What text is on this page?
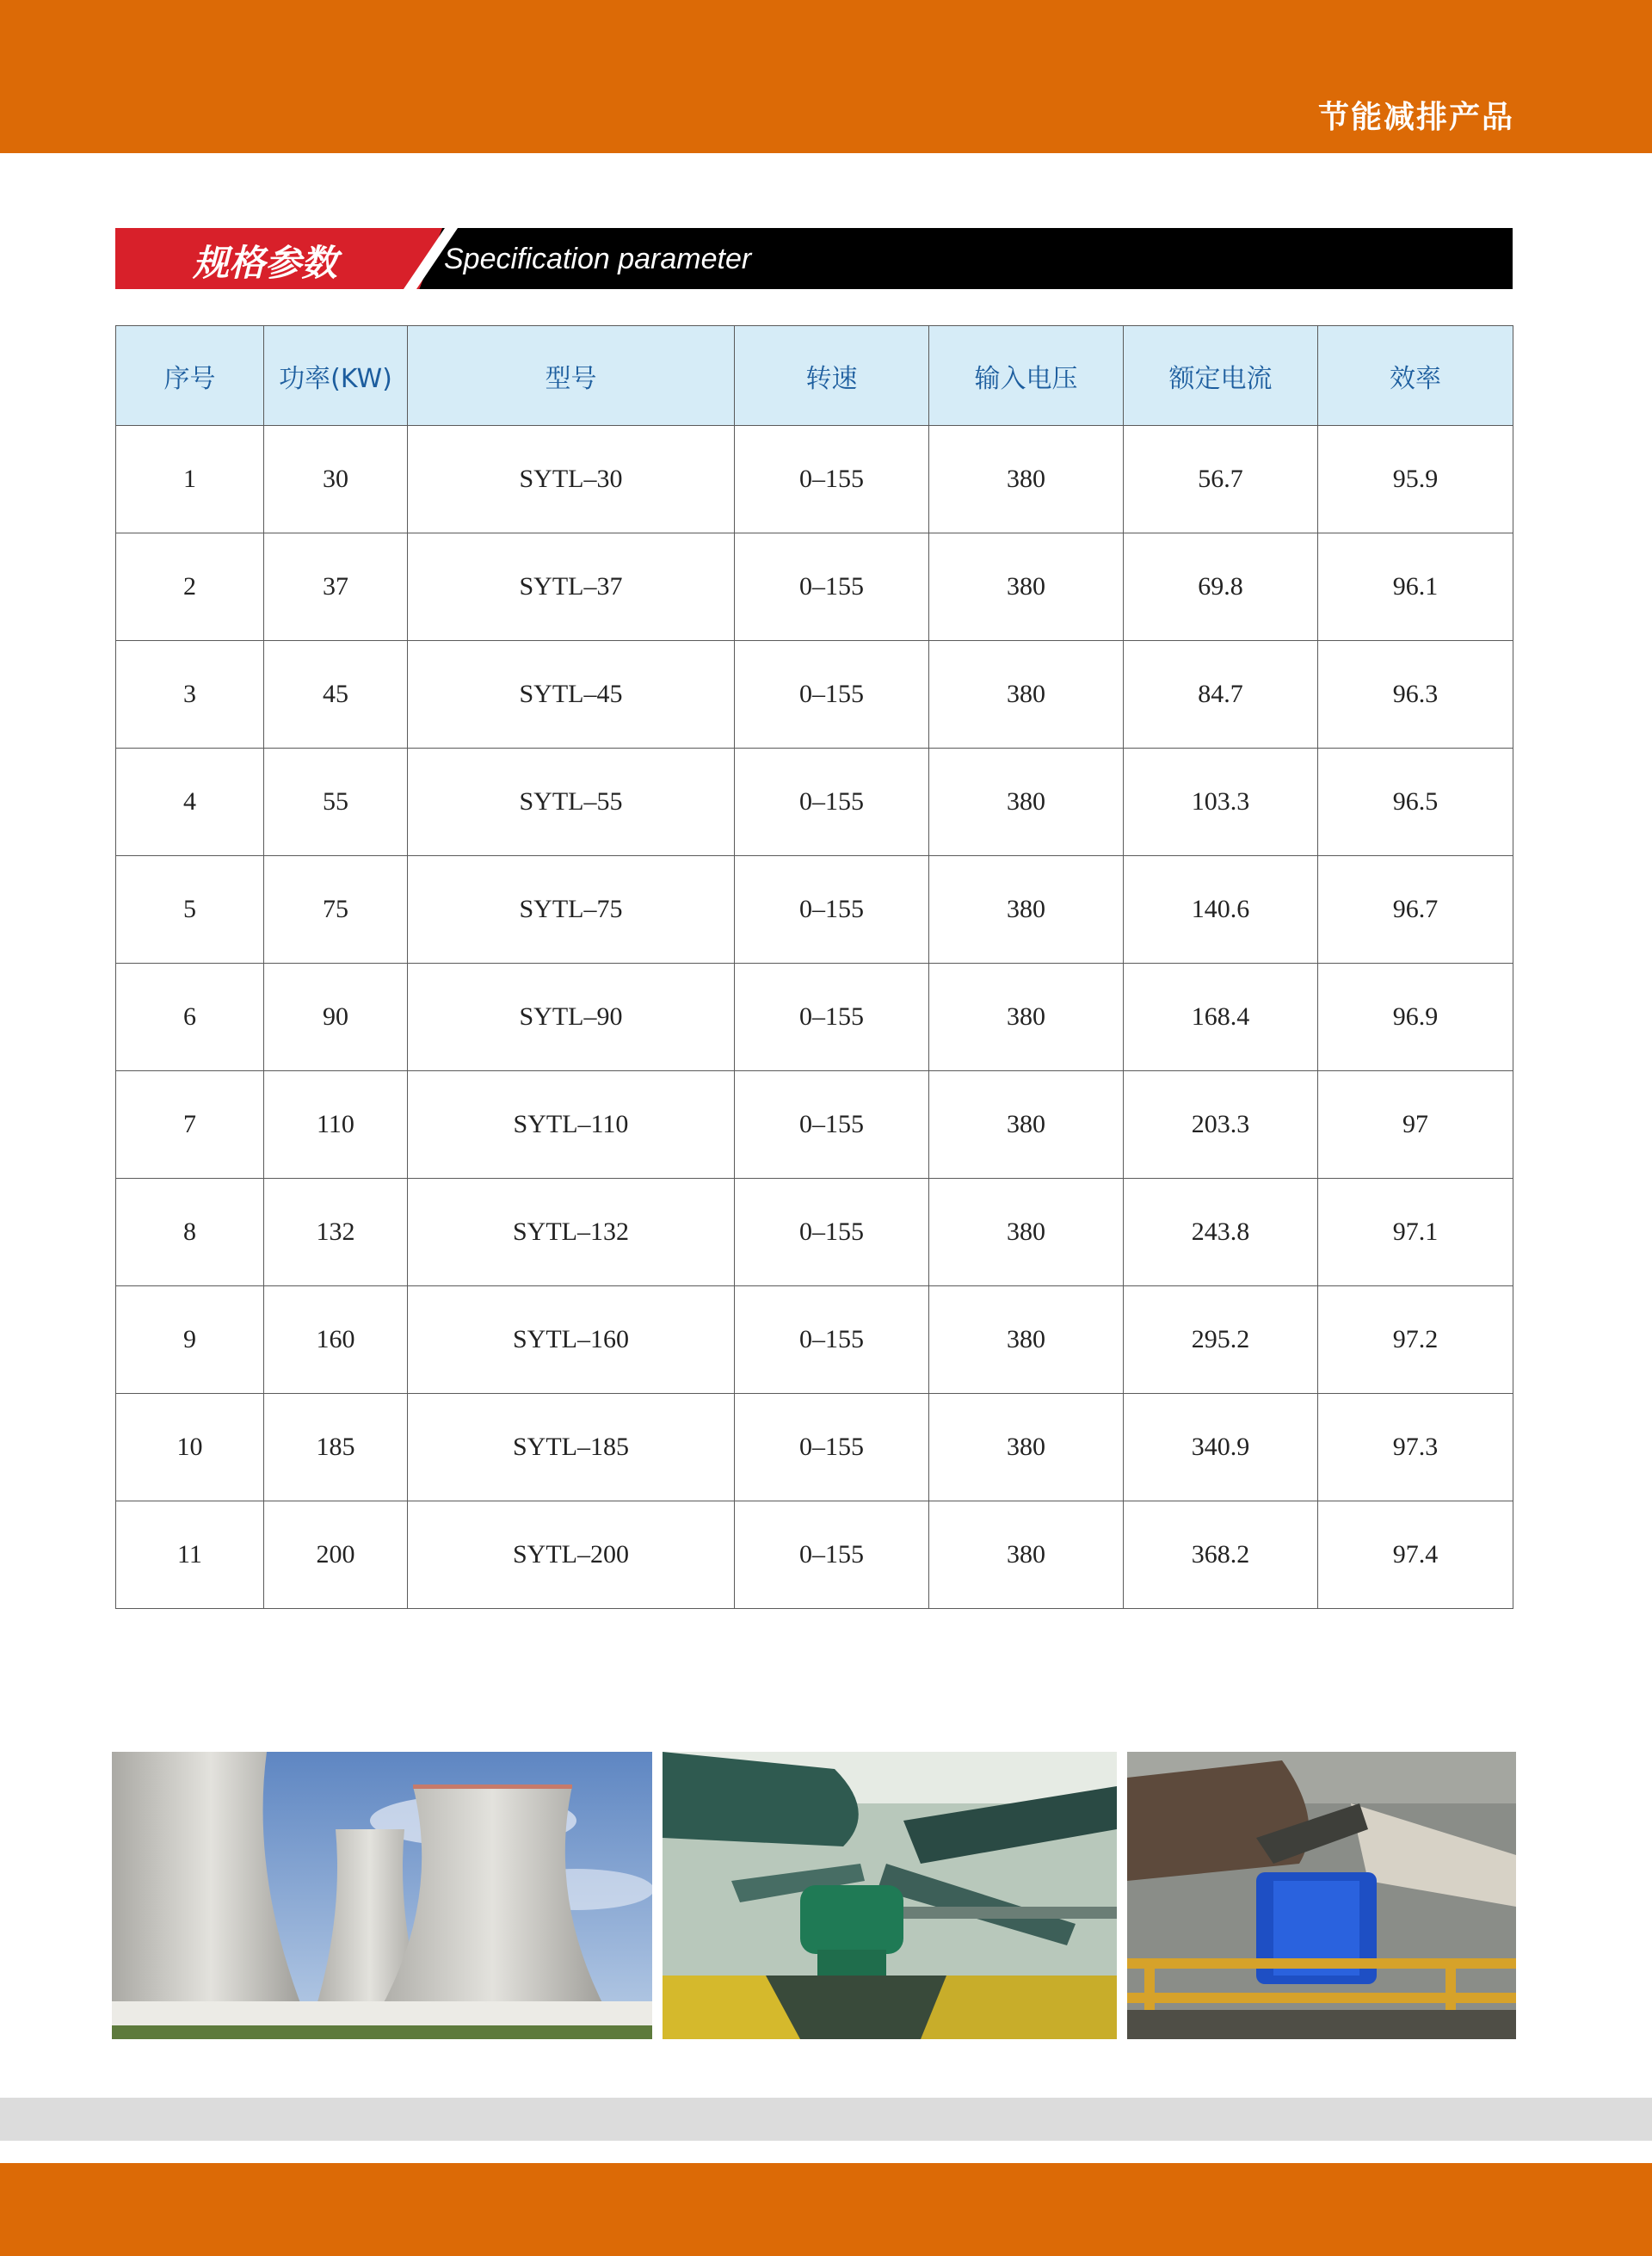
节能减排产品
规格参数	Specification parameter
序号	功率(KW)	型号	转速	输入电压	额定电流	效率
1	30	SYTL–30	0–155	380	56.7	95.9
2	37	SYTL–37	0–155	380	69.8	96.1
3	45	SYTL–45	0–155	380	84.7	96.3
4	55	SYTL–55	0–155	380	103.3	96.5
5	75	SYTL–75	0–155	380	140.6	96.7
6	90	SYTL–90	0–155	380	168.4	96.9
7	110	SYTL–110	0–155	380	203.3	97
8	132	SYTL–132	0–155	380	243.8	97.1
9	160	SYTL–160	0–155	380	295.2	97.2
10	185	SYTL–185	0–155	380	340.9	97.3
11	200	SYTL–200	0–155	380	368.2	97.4
